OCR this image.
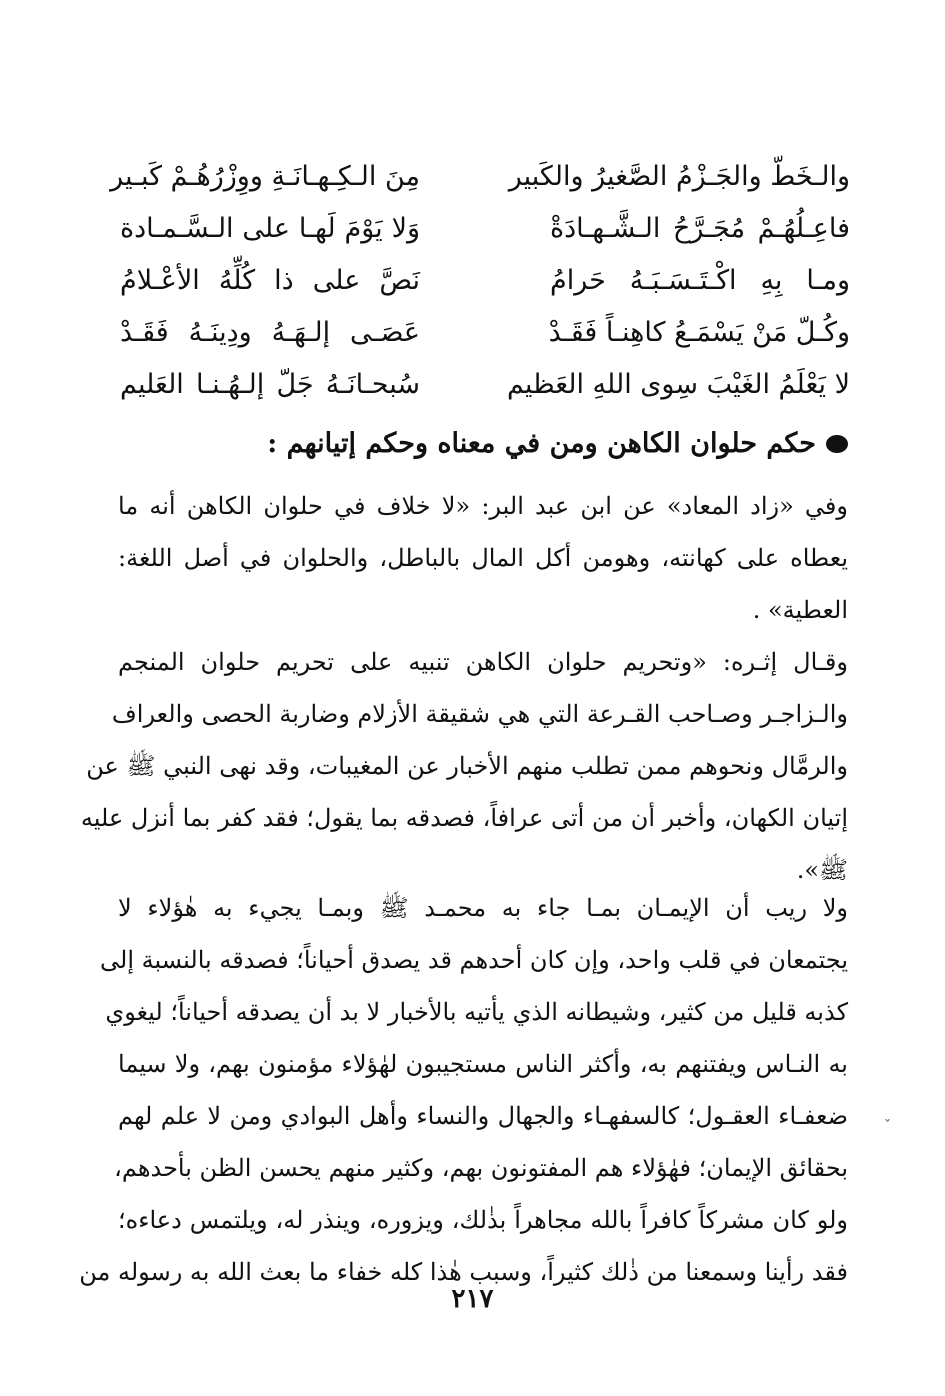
والـخَطّ والجَـزْمُ الصَّغيرُ والكَبير
مِنَ الـكِـهـانَـةِ ووِزْرُهُـمْ كَبـير
فاعِـلُهُـمْ مُجَـرَّحُ الـشَّـهـادَةْ
وَلا يَوْمَ لَهـا على الـسَّـمـادة
ومـا بِهِ اكْـتَـسَـبَـهُ حَرامُ
نَصَّ على ذا كُلِّهُ الأعْـلامُ
وكُـلّ مَنْ يَسْمَـعُ كاهِنـاً فَقَـدْ
عَصَـى إلـهَـهُ ودِينَـهُ فَقَـدْ
لا يَعْلَمُ الغَيْبَ سِوى اللهِ العَظيم
سُبحـانَـهُ جَلّ إلـهُـنـا العَليم
حكم حلوان الكاهن ومن في معناه وحكم إتيانهم :
وفي «زاد المعاد» عن ابن عبد البر: «لا خلاف في حلوان الكاهن أنه ما
يعطاه على كهانته، وهومن أكل المال بالباطل، والحلوان في أصل اللغة:
العطية» .
وقـال إثـره: «وتحريم حلوان الكاهن تنبيه على تحريم حلوان المنجم
والـزاجـر وصـاحب القـرعة التي هي شقيقة الأزلام وضاربة الحصى والعراف
والرمَّال ونحوهم ممن تطلب منهم الأخبار عن المغيبات، وقد نهى النبي ﷺ عن
إتيان الكهان، وأخبر أن من أتى عرافاً، فصدقه بما يقول؛ فقد كفر بما أنزل عليه
ﷺ».
ولا ريب أن الإيمـان بمـا جاء به محمـد ﷺ وبمـا يجيء به هٰؤلاء لا
يجتمعان في قلب واحد، وإن كان أحدهم قد يصدق أحياناً؛ فصدقه بالنسبة إلى
كذبه قليل من كثير، وشيطانه الذي يأتيه بالأخبار لا بد أن يصدقه أحياناً؛ ليغوي
به النـاس ويفتنهم به، وأكثر الناس مستجيبون لهٰؤلاء مؤمنون بهم، ولا سيما
ضعفـاء العقـول؛ كالسفهـاء والجهال والنساء وأهل البوادي ومن لا علم لهم
بحقائق الإيمان؛ فهٰؤلاء هم المفتونون بهم، وكثير منهم يحسن الظن بأحدهم،
ولو كان مشركاً كافراً بالله مجاهراً بذٰلك، ويزوره، وينذر له، ويلتمس دعاءه؛
فقد رأينا وسمعنا من ذٰلك كثيراً، وسبب هٰذا كله خفاء ما بعث الله به رسوله من
٢١٧
ˇ
